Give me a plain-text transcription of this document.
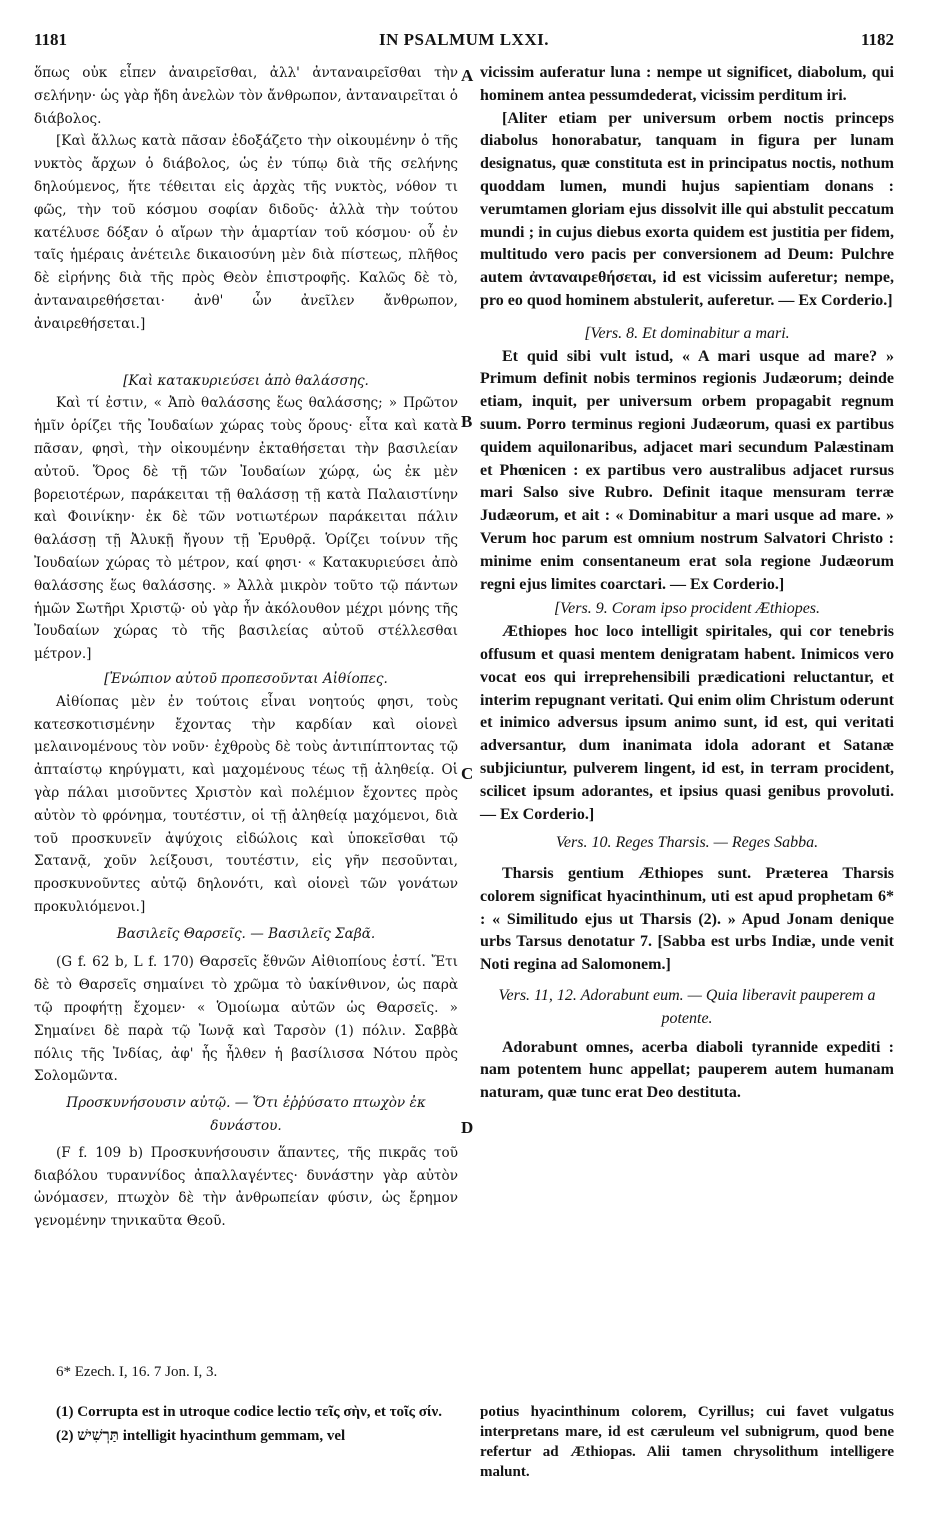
1181	IN PSALMUM LXXI.	1182
A
B
C
D

ὅπως οὐκ εἶπεν ἀναιρεῖσθαι, ἀλλ' ἀνταναιρεῖσθαι τὴν σελήνην· ὡς γὰρ ἤδη ἀνελὼν τὸν ἄνθρωπον, ἀνταναιρεῖται ὁ διάβολος.

[Καὶ ἄλλως κατὰ πᾶσαν ἐδοξάζετο τὴν οἰκουμένην ὁ τῆς νυκτὸς ἄρχων ὁ διάβολος, ὡς ἐν τύπῳ διὰ τῆς σελήνης δηλούμενος, ἥτε τέθειται εἰς ἀρχὰς τῆς νυκτὸς, νόθον τι φῶς, τὴν τοῦ κόσμου σοφίαν διδοῦς· ἀλλὰ τὴν τούτου κατέλυσε δόξαν ὁ αἴρων τὴν ἁμαρτίαν τοῦ κόσμου· οὗ ἐν ταῖς ἡμέραις ἀνέτειλε δικαιοσύνη μὲν διὰ πίστεως, πλῆθος δὲ εἰρήνης διὰ τῆς πρὸς Θεὸν ἐπιστροφῆς. Καλῶς δὲ τὸ, ἀνταναιρεθήσεται· ἀνθ' ὧν ἀνεῖλεν ἄνθρωπον, ἀναιρεθήσεται.]

[Καὶ κατακυριεύσει ἀπὸ θαλάσσης.

Καὶ τί ἐστιν, « Ἀπὸ θαλάσσης ἕως θαλάσσης; » Πρῶτον ἡμῖν ὁρίζει τῆς Ἰουδαίων χώρας τοὺς ὅρους· εἶτα καὶ κατὰ πᾶσαν, φησὶ, τὴν οἰκουμένην ἐκταθήσεται τὴν βασιλείαν αὐτοῦ. Ὅρος δὲ τῇ τῶν Ἰουδαίων χώρᾳ, ὡς ἐκ μὲν βορειοτέρων, παράκειται τῇ θαλάσσῃ τῇ κατὰ Παλαιστίνην καὶ Φοινίκην· ἐκ δὲ τῶν νοτιωτέρων παράκειται πάλιν θαλάσσῃ τῇ Ἀλυκῇ ἤγουν τῇ Ἐρυθρᾷ. Ὁρίζει τοίνυν τῆς Ἰουδαίων χώρας τὸ μέτρον, καί φησι· « Κατακυριεύσει ἀπὸ θαλάσσης ἕως θαλάσσης. » Ἀλλὰ μικρὸν τοῦτο τῷ πάντων ἡμῶν Σωτῆρι Χριστῷ· οὐ γὰρ ἦν ἀκόλουθον μέχρι μόνης τῆς Ἰουδαίων χώρας τὸ τῆς βασιλείας αὐτοῦ στέλλεσθαι μέτρον.]

[Ἐνώπιον αὐτοῦ προπεσοῦνται Αἰθίοπες.

Αἰθίοπας μὲν ἐν τούτοις εἶναι νοητούς φησι, τοὺς κατεσκοτισμένην ἔχοντας τὴν καρδίαν καὶ οἱονεὶ μελαινομένους τὸν νοῦν· ἐχθροὺς δὲ τοὺς ἀντιπίπτοντας τῷ ἀπταίστῳ κηρύγματι, καὶ μαχομένους τέως τῇ ἀληθείᾳ. Οἱ γὰρ πάλαι μισοῦντες Χριστὸν καὶ πολέμιον ἔχοντες πρὸς αὐτὸν τὸ φρόνημα, τουτέστιν, οἱ τῇ ἀληθείᾳ μαχόμενοι, διὰ τοῦ προσκυνεῖν ἀψύχοις εἰδώλοις καὶ ὑποκεῖσθαι τῷ Σατανᾷ, χοῦν λείξουσι, τουτέστιν, εἰς γῆν πεσοῦνται, προσκυνοῦντες αὐτῷ δηλονότι, καὶ οἱονεὶ τῶν γονάτων προκυλιόμενοι.]

Βασιλεῖς Θαρσεῖς. — Βασιλεῖς Σαβᾶ.

(G f. 62 b, L f. 170) Θαρσεῖς ἔθνῶν Αἰθιοπίους ἐστί. Ἔτι δὲ τὸ Θαρσεῖς σημαίνει τὸ χρῶμα τὸ ὑακίνθινον, ὡς παρὰ τῷ προφήτῃ ἔχομεν· « Ὁμοίωμα αὐτῶν ὡς Θαρσεῖς. » Σημαίνει δὲ παρὰ τῷ Ἰωνᾷ καὶ Ταρσὸν (1) πόλιν. Σαββὰ πόλις τῆς Ἰνδίας, ἀφ' ἧς ἦλθεν ἡ βασίλισσα Νότου πρὸς Σολομῶντα.

Προσκυνήσουσιν αὐτῷ. — Ὅτι ἐῤῥύσατο πτωχὸν ἐκ δυνάστου.

(F f. 109 b) Προσκυνήσουσιν ἅπαντες, τῆς πικρᾶς τοῦ διαβόλου τυραννίδος ἀπαλλαγέντες· δυνάστην γὰρ αὐτὸν ὠνόμασεν, πτωχὸν δὲ τὴν ἀνθρωπείαν φύσιν, ὡς ἔρημον γενομένην τηνικαῦτα Θεοῦ.

vicissim auferatur luna : nempe ut significet, diabolum, qui hominem antea pessumdederat, vicissim perditum iri.

[Aliter etiam per universum orbem noctis princeps diabolus honorabatur, tanquam in figura per lunam designatus, quæ constituta est in principatus noctis, nothum quoddam lumen, mundi hujus sapientiam donans : verumtamen gloriam ejus dissolvit ille qui abstulit peccatum mundi ; in cujus diebus exorta quidem est justitia per fidem, multitudo vero pacis per conversionem ad Deum: Pulchre autem ἀνταναιρεθήσεται, id est vicissim auferetur; nempe, pro eo quod hominem abstulerit, auferetur. — Ex Corderio.]

[Vers. 8. Et dominabitur a mari.

Et quid sibi vult istud, « A mari usque ad mare? » Primum definit nobis terminos regionis Judæorum; deinde etiam, inquit, per universum orbem propagabit regnum suum. Porro terminus regioni Judæorum, quasi ex partibus quidem aquilonaribus, adjacet mari secundum Palæstinam et Phœnicen : ex partibus vero australibus adjacet rursus mari Salso sive Rubro. Definit itaque mensuram terræ Judæorum, et ait : « Dominabitur a mari usque ad mare. » Verum hoc parum est omnium nostrum Salvatori Christo : minime enim consentaneum erat sola regione Judæorum regni ejus limites coarctari. — Ex Corderio.]

[Vers. 9. Coram ipso procident Æthiopes.

Æthiopes hoc loco intelligit spiritales, qui cor tenebris offusum et quasi mentem denigratam habent. Inimicos vero vocat eos qui irreprehensibili prædicationi reluctantur, et interim repugnant veritati. Qui enim olim Christum oderunt et inimico adversus ipsum animo sunt, id est, qui veritati adversantur, dum inanimata idola adorant et Satanæ subjiciuntur, pulverem lingent, id est, in terram procident, scilicet ipsum adorantes, et ipsius quasi genibus provoluti. — Ex Corderio.]

Vers. 10. Reges Tharsis. — Reges Sabba.

Tharsis gentium Æthiopes sunt. Præterea Tharsis colorem significat hyacinthinum, uti est apud prophetam 6* : « Similitudo ejus ut Tharsis (2). » Apud Jonam denique urbs Tarsus denotatur 7. [Sabba est urbs Indiæ, unde venit Noti regina ad Salomonem.]

Vers. 11, 12. Adorabunt eum. — Quia liberavit pauperem a potente.

Adorabunt omnes, acerba diaboli tyrannide expediti : nam potentem hunc appellat; pauperem autem humanam naturam, quæ tunc erat Deo destituta.

6* Ezech. I, 16. 7 Jon. I, 3.

(1) Corrupta est in utroque codice lectio τεῖς σὴν, et τοῖς σίν.

(2) תַּרְשִׁישׁ intelligit hyacinthum gemmam, vel

potius hyacinthinum colorem, Cyrillus; cui favet vulgatus interpretans mare, id est cæruleum vel subnigrum, quod bene refertur ad Æthiopas. Alii tamen chrysolithum intelligere malunt.
